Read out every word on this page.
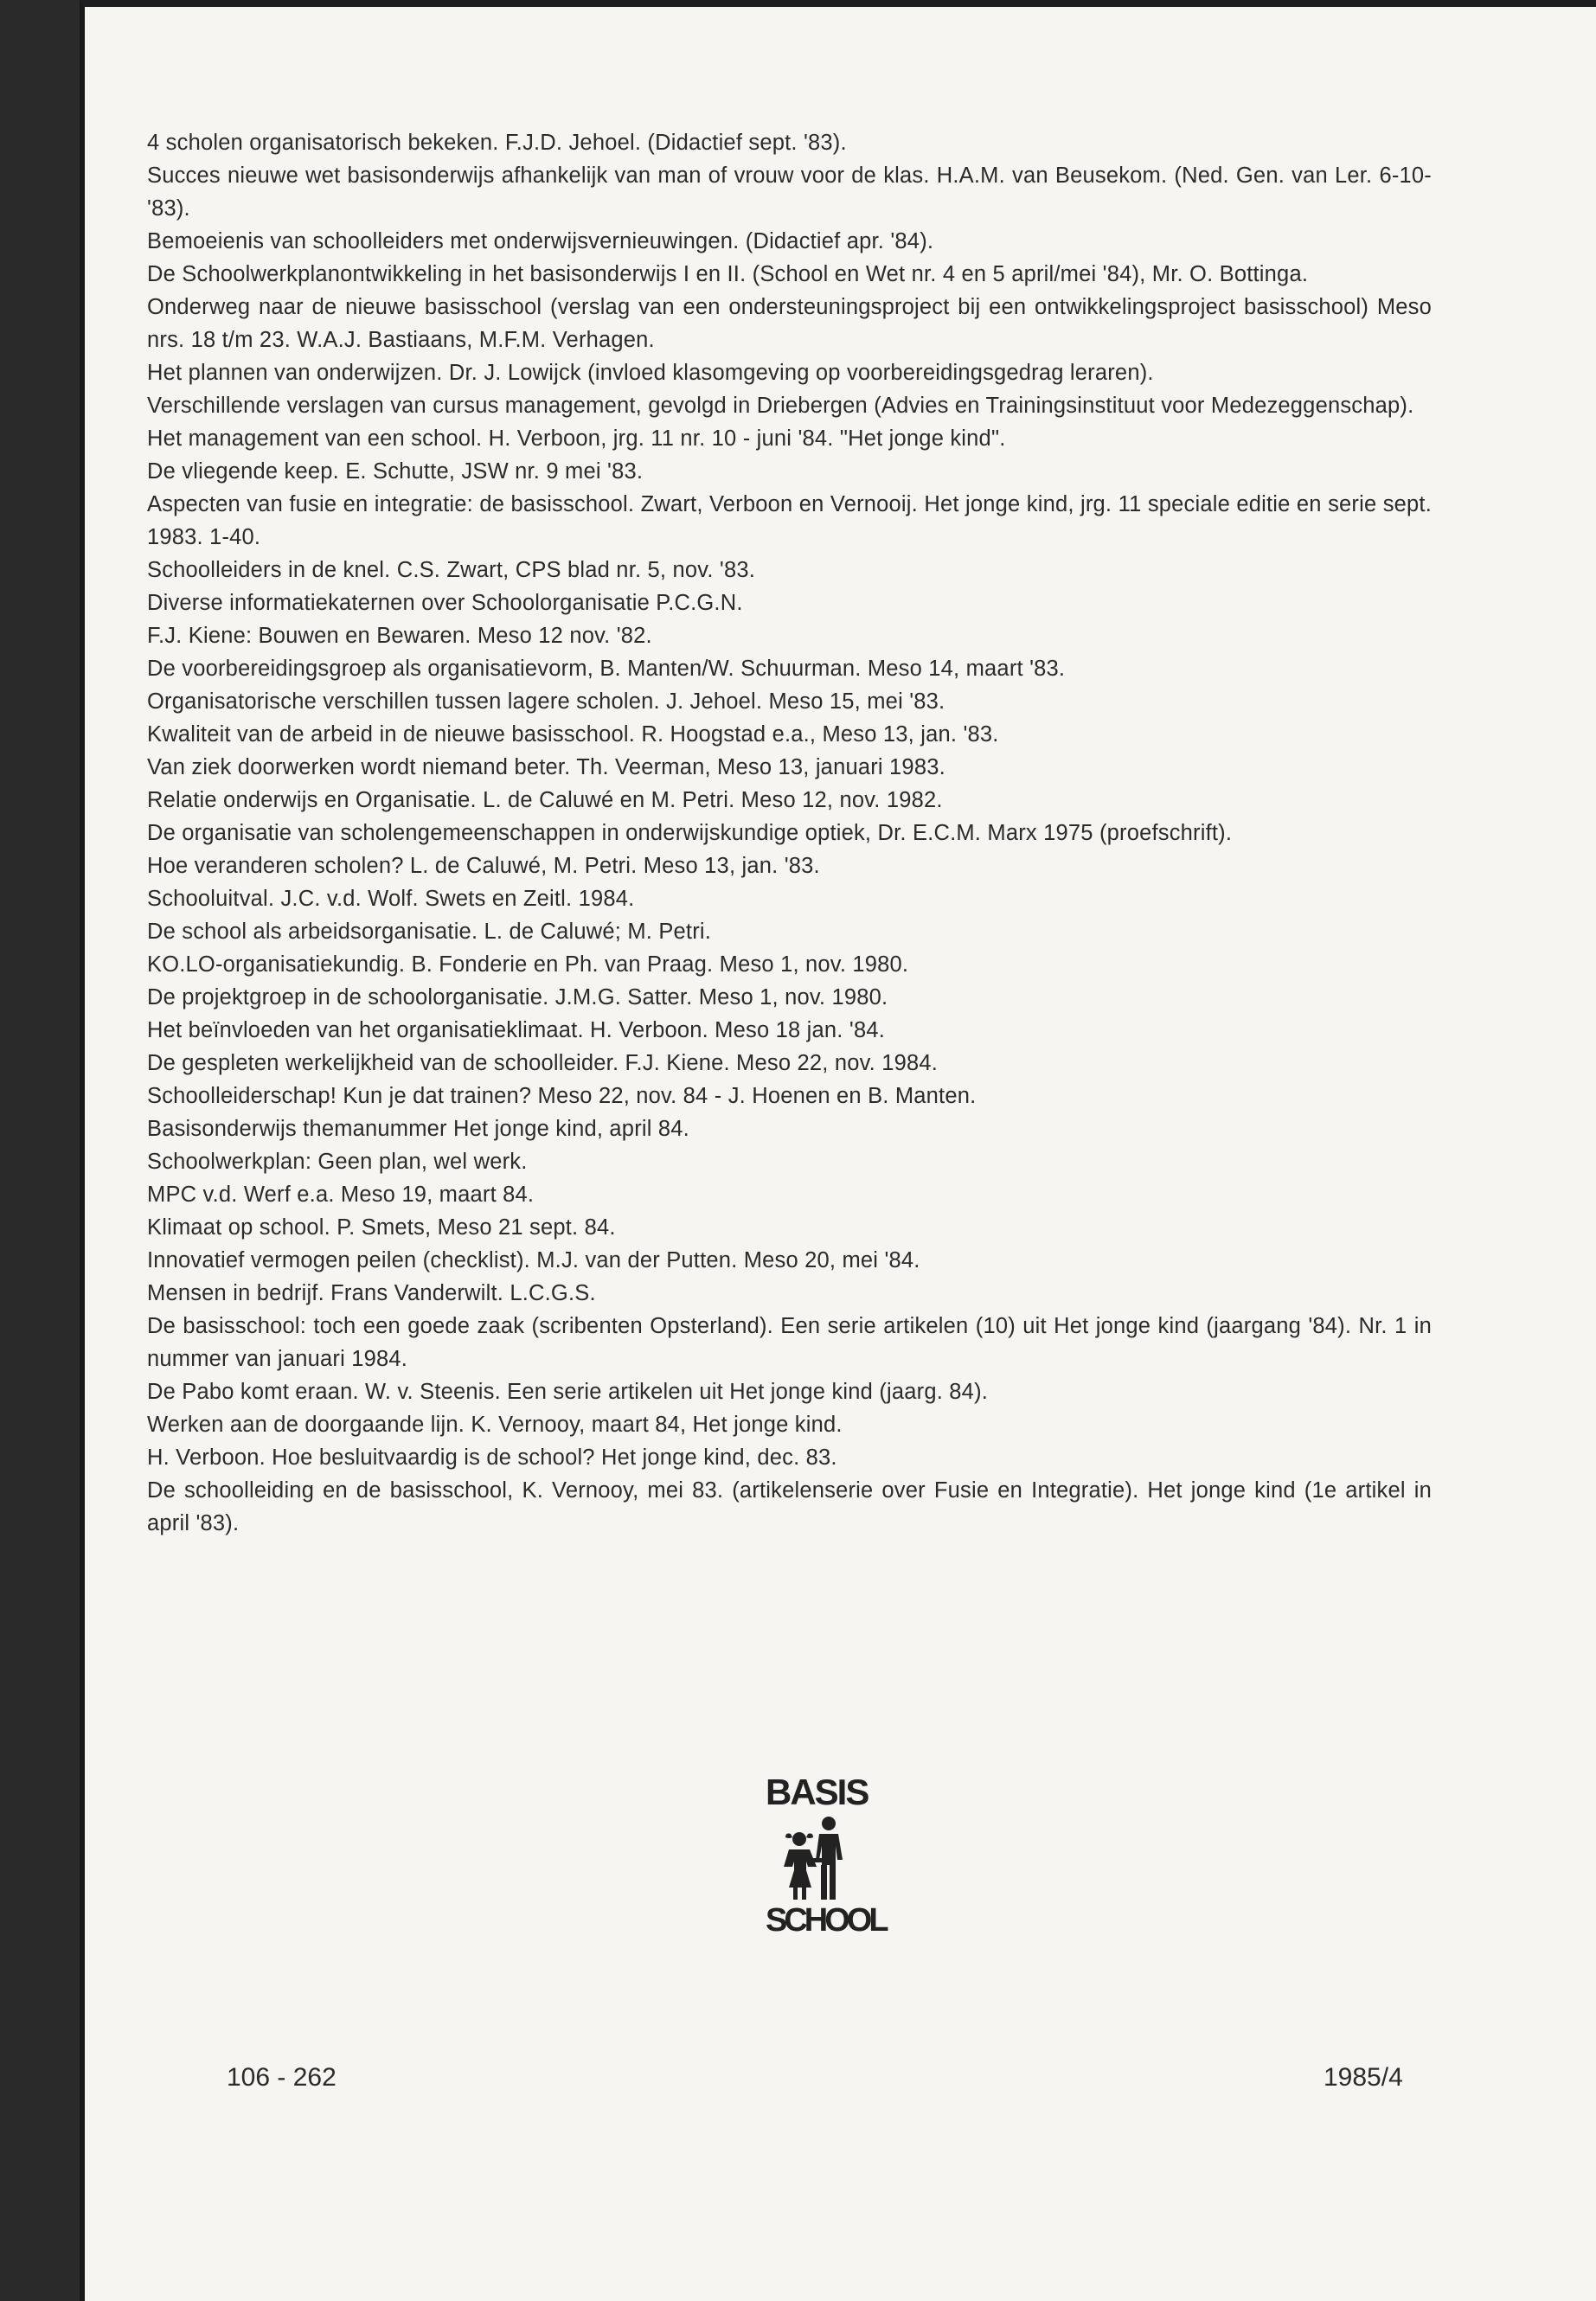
4 scholen organisatorisch bekeken. F.J.D. Jehoel. (Didactief sept. '83).

Succes nieuwe wet basisonderwijs afhankelijk van man of vrouw voor de klas. H.A.M. van Beusekom. (Ned. Gen. van Ler. 6-10-'83).

Bemoeienis van schoolleiders met onderwijsvernieuwingen. (Didactief apr. '84).

De Schoolwerkplanontwikkeling in het basisonderwijs I en II. (School en Wet nr. 4 en 5 april/mei '84), Mr. O. Bottinga.

Onderweg naar de nieuwe basisschool (verslag van een ondersteuningsproject bij een ontwikkelingsproject basisschool) Meso nrs. 18 t/m 23. W.A.J. Bastiaans, M.F.M. Verhagen.

Het plannen van onderwijzen. Dr. J. Lowijck (invloed klasomgeving op voorbereidingsgedrag leraren).

Verschillende verslagen van cursus management, gevolgd in Driebergen (Advies en Trainingsinstituut voor Medezeggenschap).

Het management van een school. H. Verboon, jrg. 11 nr. 10 - juni '84. "Het jonge kind".

De vliegende keep. E. Schutte, JSW nr. 9 mei '83.

Aspecten van fusie en integratie: de basisschool. Zwart, Verboon en Vernooij. Het jonge kind, jrg. 11 speciale editie en serie sept. 1983. 1-40.

Schoolleiders in de knel. C.S. Zwart, CPS blad nr. 5, nov. '83.

Diverse informatiekaternen over Schoolorganisatie P.C.G.N.

F.J. Kiene: Bouwen en Bewaren. Meso 12 nov. '82.

De voorbereidingsgroep als organisatievorm, B. Manten/W. Schuurman. Meso 14, maart '83.

Organisatorische verschillen tussen lagere scholen. J. Jehoel. Meso 15, mei '83.

Kwaliteit van de arbeid in de nieuwe basisschool. R. Hoogstad e.a., Meso 13, jan. '83.

Van ziek doorwerken wordt niemand beter. Th. Veerman, Meso 13, januari 1983.

Relatie onderwijs en Organisatie. L. de Caluwé en M. Petri. Meso 12, nov. 1982.

De organisatie van scholengemeenschappen in onderwijskundige optiek, Dr. E.C.M. Marx 1975 (proefschrift).

Hoe veranderen scholen? L. de Caluwé, M. Petri. Meso 13, jan. '83.

Schooluitval. J.C. v.d. Wolf. Swets en Zeitl. 1984.

De school als arbeidsorganisatie. L. de Caluwé; M. Petri.

KO.LO-organisatiekundig. B. Fonderie en Ph. van Praag. Meso 1, nov. 1980.

De projektgroep in de schoolorganisatie. J.M.G. Satter. Meso 1, nov. 1980.

Het beïnvloeden van het organisatieklimaat. H. Verboon. Meso 18 jan. '84.

De gespleten werkelijkheid van de schoolleider. F.J. Kiene. Meso 22, nov. 1984.

Schoolleiderschap! Kun je dat trainen? Meso 22, nov. 84 - J. Hoenen en B. Manten.

Basisonderwijs themanummer Het jonge kind, april 84.

Schoolwerkplan: Geen plan, wel werk.

MPC v.d. Werf e.a. Meso 19, maart 84.

Klimaat op school. P. Smets, Meso 21 sept. 84.

Innovatief vermogen peilen (checklist). M.J. van der Putten. Meso 20, mei '84.

Mensen in bedrijf. Frans Vanderwilt. L.C.G.S.

De basisschool: toch een goede zaak (scribenten Opsterland). Een serie artikelen (10) uit Het jonge kind (jaargang '84). Nr. 1 in nummer van januari 1984.

De Pabo komt eraan. W. v. Steenis. Een serie artikelen uit Het jonge kind (jaarg. 84).

Werken aan de doorgaande lijn. K. Vernooy, maart 84, Het jonge kind.

H. Verboon. Hoe besluitvaardig is de school? Het jonge kind, dec. 83.

De schoolleiding en de basisschool, K. Vernooy, mei 83. (artikelenserie over Fusie en Integratie). Het jonge kind (1e artikel in april '83).

BASIS
SCHOOL
106 - 262	1985/4
